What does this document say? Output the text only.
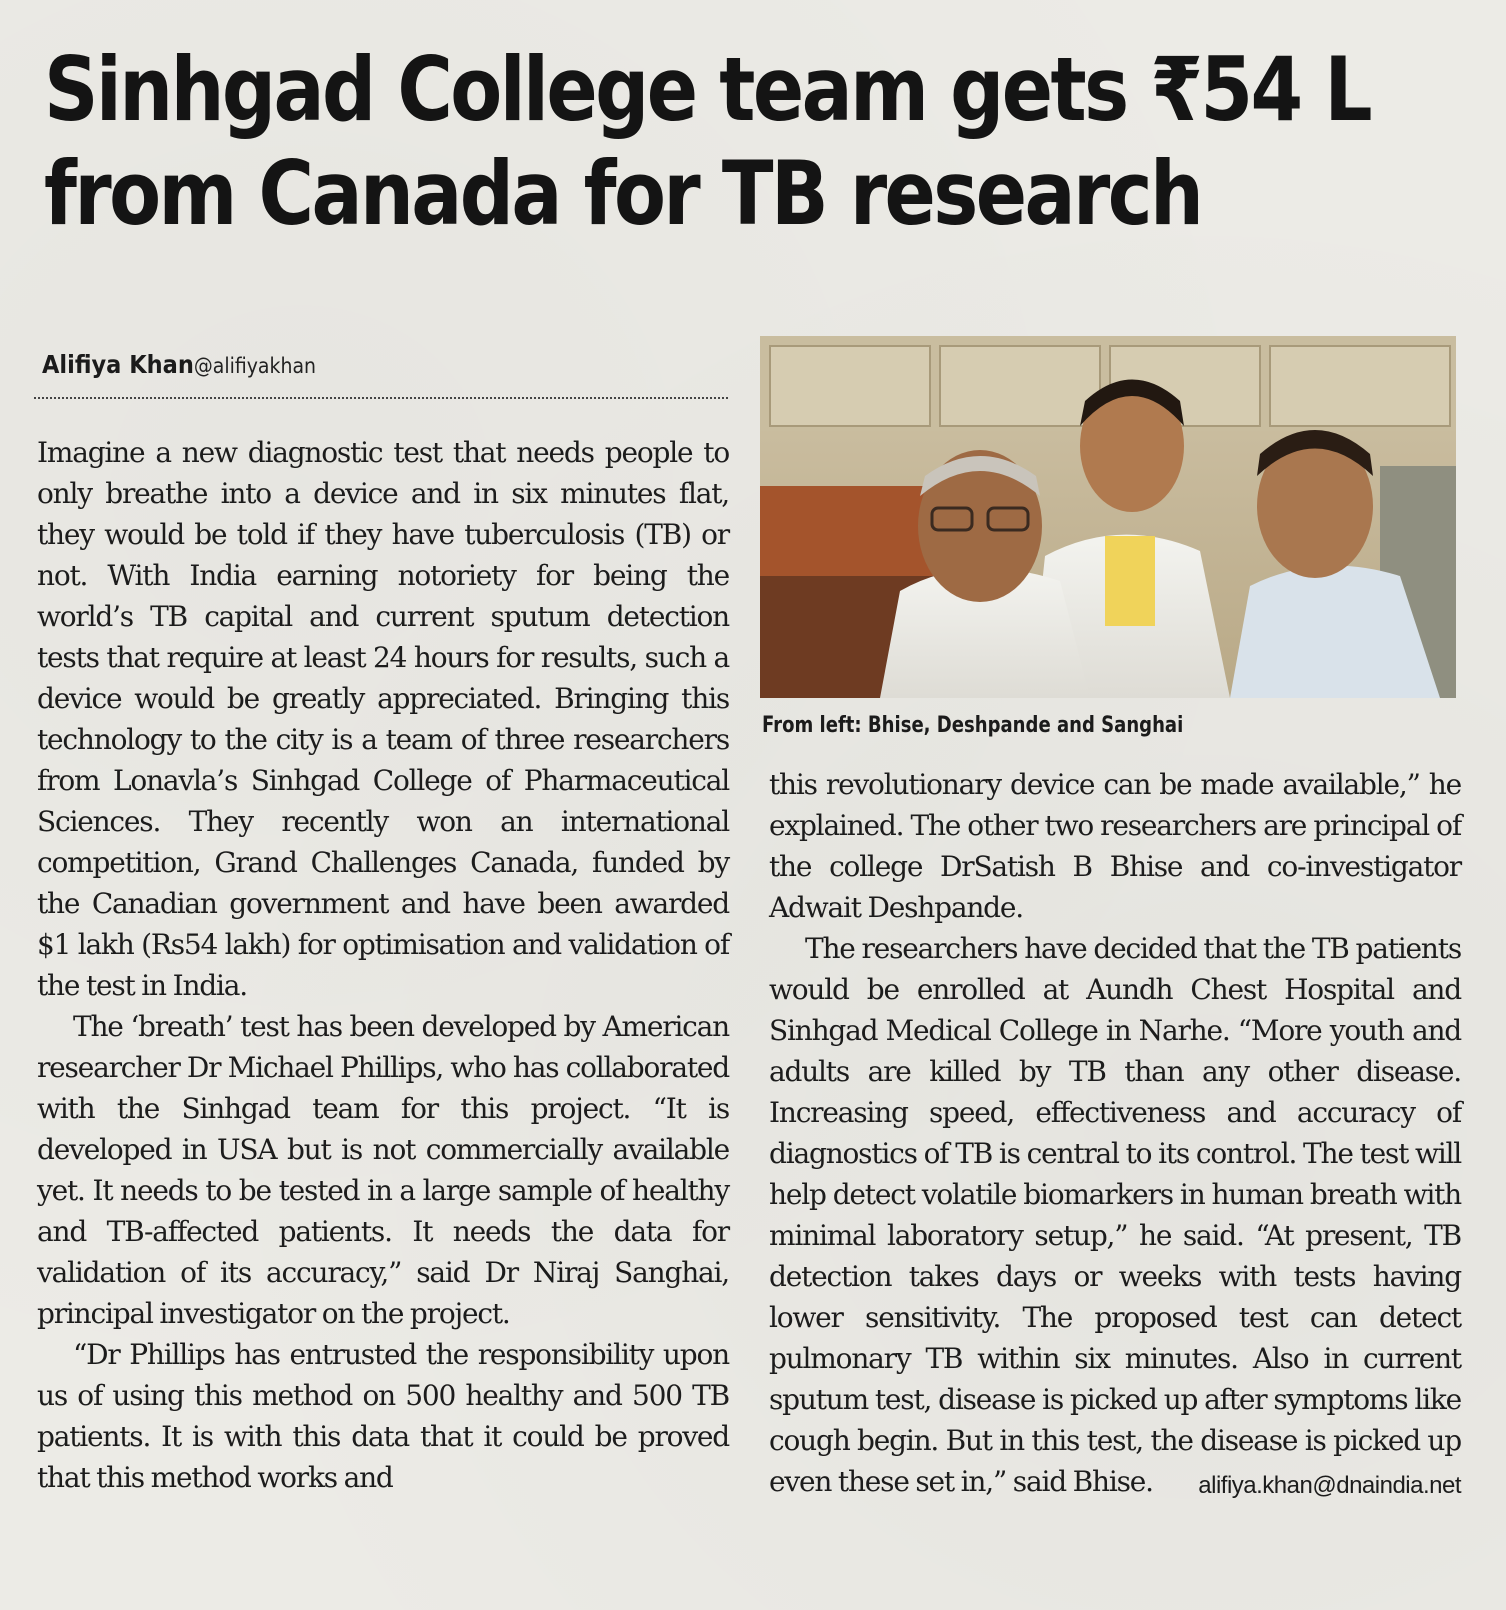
Sinhgad College team gets ₹54 L
from Canada for TB research
Alifiya Khan@alifiyakhan

Imagine a new diagnostic test that needs people to only breathe into a device and in six minutes flat, they would be told if they have tuberculosis (TB) or not. With India earning notoriety for being the world’s TB capital and current sputum detection tests that require at least 24 hours for results, such a device would be greatly appreciated. Bringing this technology to the city is a team of three researchers from Lonavla’s Sinhgad College of Pharmaceutical Sciences. They recently won an international competition, Grand Challenges Canada, funded by the Canadian government and have been awarded $1 lakh (Rs54 lakh) for optimisation and validation of the test in India.

The ‘breath’ test has been developed by American researcher Dr Michael Phillips, who has collaborated with the Sinhgad team for this project. “It is developed in USA but is not commercially available yet. It needs to be tested in a large sample of healthy and TB-affected patients. It needs the data for validation of its accuracy,” said Dr Niraj Sanghai, principal investigator on the project.

“Dr Phillips has entrusted the responsibility upon us of using this method on 500 healthy and 500 TB patients. It is with this data that it could be proved that this method works and

From left: Bhise, Deshpande and Sanghai

this revolutionary device can be made available,” he explained. The other two researchers are principal of the college DrSatish B Bhise and co-investigator Adwait Deshpande.

The researchers have decided that the TB patients would be enrolled at Aundh Chest Hospital and Sinhgad Medical College in Narhe. “More youth and adults are killed by TB than any other disease. Increasing speed, effectiveness and accuracy of diagnostics of TB is central to its control. The test will help detect volatile biomarkers in human breath with minimal laboratory setup,” he said. “At present, TB detection takes days or weeks with tests having lower sensitivity. The proposed test can detect pulmonary TB within six minutes. Also in current sputum test, disease is picked up after symptoms like cough begin. But in this test, the disease is picked up even these set in,” said Bhise.	alifiya.khan@dnaindia.net
